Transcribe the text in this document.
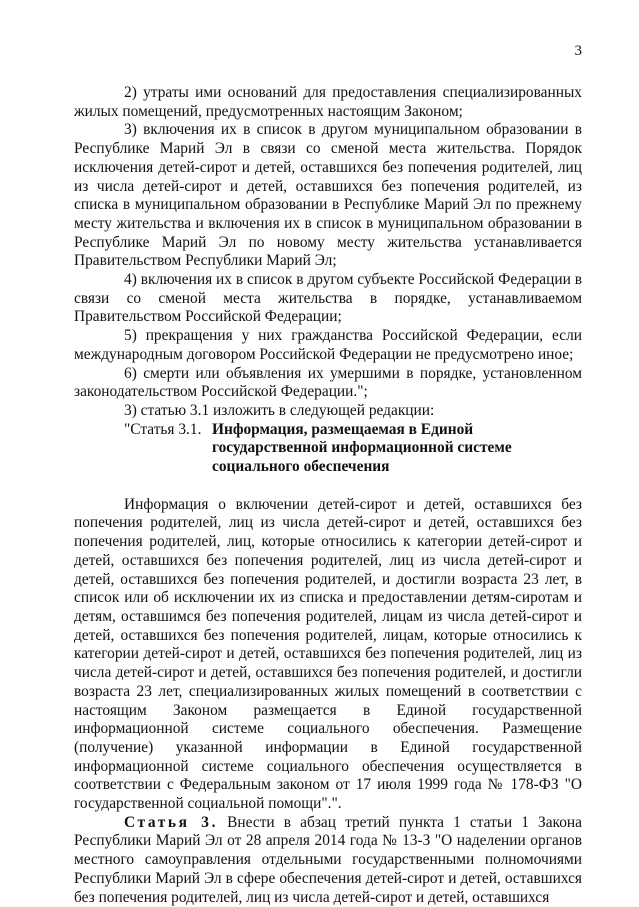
3

2) утраты ими оснований для предоставления специализированных жилых помещений, предусмотренных настоящим Законом;

3) включения их в список в другом муниципальном образовании в Республике Марий Эл в связи со сменой места жительства. Порядок исключения детей-сирот и детей, оставшихся без попечения родителей, лиц из числа детей-сирот и детей, оставшихся без попечения родителей, из списка в муниципальном образовании в Республике Марий Эл по прежнему месту жительства и включения их в список в муниципальном образовании в Республике Марий Эл по новому месту жительства устанавливается Правительством Республики Марий Эл;

4) включения их в список в другом субъекте Российской Федерации в связи со сменой места жительства в порядке, устанавливаемом Правительством Российской Федерации;

5) прекращения у них гражданства Российской Федерации, если международным договором Российской Федерации не предусмотрено иное;

6) смерти или объявления их умершими в порядке, установленном законодательством Российской Федерации.";

3) статью 3.1 изложить в следующей редакции:

"Статья 3.1. Информация, размещаемая в Единой государственной информационной системе социального обеспечения

Информация о включении детей-сирот и детей, оставшихся без попечения родителей, лиц из числа детей-сирот и детей, оставшихся без попечения родителей, лиц, которые относились к категории детей-сирот и детей, оставшихся без попечения родителей, лиц из числа детей-сирот и детей, оставшихся без попечения родителей, и достигли возраста 23 лет, в список или об исключении их из списка и предоставлении детям-сиротам и детям, оставшимся без попечения родителей, лицам из числа детей-сирот и детей, оставшихся без попечения родителей, лицам, которые относились к категории детей-сирот и детей, оставшихся без попечения родителей, лиц из числа детей-сирот и детей, оставшихся без попечения родителей, и достигли возраста 23 лет, специализированных жилых помещений в соответствии с настоящим Законом размещается в Единой государственной информационной системе социального обеспечения. Размещение (получение) указанной информации в Единой государственной информационной системе социального обеспечения осуществляется в соответствии с Федеральным законом от 17 июля 1999 года № 178-ФЗ "О государственной социальной помощи".".

Статья 3. Внести в абзац третий пункта 1 статьи 1 Закона Республики Марий Эл от 28 апреля 2014 года № 13-З "О наделении органов местного самоуправления отдельными государственными полномочиями Республики Марий Эл в сфере обеспечения детей-сирот и детей, оставшихся без попечения родителей, лиц из числа детей-сирот и детей, оставшихся
